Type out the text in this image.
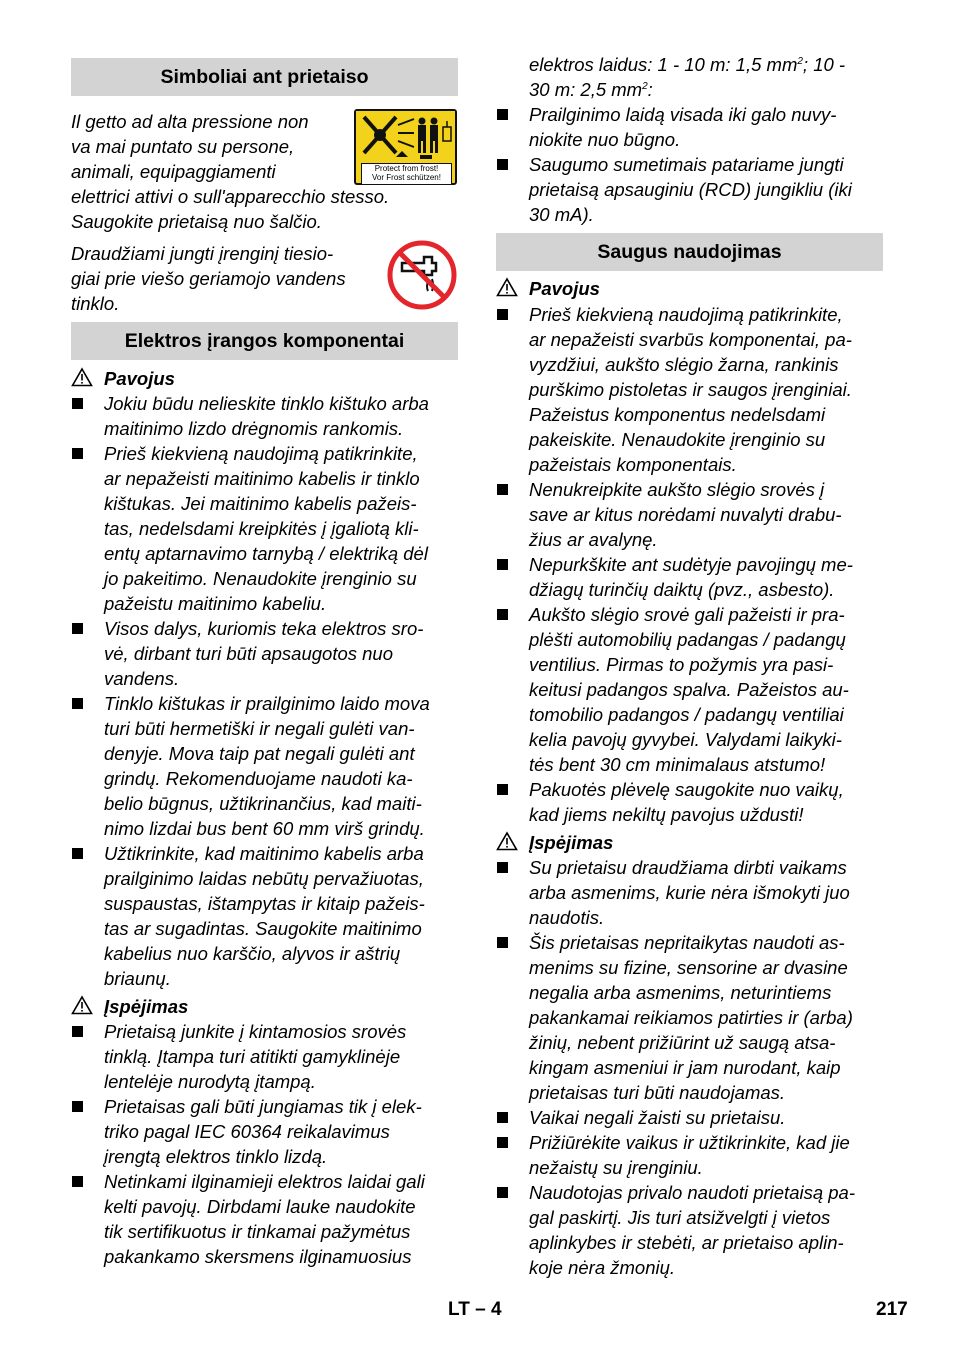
Simboliai ant prietaiso
Il getto ad alta pressione non
va mai puntato su persone,
animali, equipaggiamenti
elettrici attivi o sull'apparecchio stesso.
Saugokite prietaisą nuo šalčio.
Protect from frost!
Vor Frost schützen!
Draudžiami jungti įrenginį tiesio-
giai prie viešo geriamojo vandens
tinklo.
Elektros įrangos komponentai
Pavojus
Jokiu būdu nelieskite tinklo kištuko arba
maitinimo lizdo drėgnomis rankomis.
Prieš kiekvieną naudojimą patikrinkite,
ar nepažeisti maitinimo kabelis ir tinklo
kištukas. Jei maitinimo kabelis pažeis-
tas, nedelsdami kreipkitės į įgaliotą kli-
entų aptarnavimo tarnybą / elektriką dėl
jo pakeitimo. Nenaudokite įrenginio su
pažeistu maitinimo kabeliu.
Visos dalys, kuriomis teka elektros sro-
vė, dirbant turi būti apsaugotos nuo
vandens.
Tinklo kištukas ir prailginimo laido mova
turi būti hermetiški ir negali gulėti van-
denyje. Mova taip pat negali gulėti ant
grindų. Rekomenduojame naudoti ka-
belio būgnus, užtikrinančius, kad maiti-
nimo lizdai bus bent 60 mm virš grindų.
Užtikrinkite, kad maitinimo kabelis arba
prailginimo laidas nebūtų pervažiuotas,
suspaustas, ištampytas ir kitaip pažeis-
tas ar sugadintas. Saugokite maitinimo
kabelius nuo karščio, alyvos ir aštrių
briaunų.
Įspėjimas
Prietaisą junkite į kintamosios srovės
tinklą. Įtampa turi atitikti gamyklinėje
lentelėje nurodytą įtampą.
Prietaisas gali būti jungiamas tik į elek-
triko pagal IEC 60364 reikalavimus
įrengtą elektros tinklo lizdą.
Netinkami ilginamieji elektros laidai gali
kelti pavojų. Dirbdami lauke naudokite
tik sertifikuotus ir tinkamai pažymėtus
pakankamo skersmens ilginamuosius
elektros laidus: 1 - 10 m: 1,5 $mm^2$; 10 -
30 m: 2,5 $mm^2$:
Prailginimo laidą visada iki galo nuvy-
niokite nuo būgno.
Saugumo sumetimais patariame jungti
prietaisą apsauginiu (RCD) jungikliu (iki
30 mA).
Saugus naudojimas
Pavojus
Prieš kiekvieną naudojimą patikrinkite,
ar nepažeisti svarbūs komponentai, pa-
vyzdžiui, aukšto slėgio žarna, rankinis
purškimo pistoletas ir saugos įrenginiai.
Pažeistus komponentus nedelsdami
pakeiskite. Nenaudokite įrenginio su
pažeistais komponentais.
Nenukreipkite aukšto slėgio srovės į
save ar kitus norėdami nuvalyti drabu-
žius ar avalynę.
Nepurkškite ant sudėtyje pavojingų me-
džiagų turinčių daiktų (pvz., asbesto).
Aukšto slėgio srovė gali pažeisti ir pra-
plėšti automobilių padangas / padangų
ventilius. Pirmas to požymis yra pasi-
keitusi padangos spalva. Pažeistos au-
tomobilio padangos / padangų ventiliai
kelia pavojų gyvybei. Valydami laikyki-
tės bent 30 cm minimalaus atstumo!
Pakuotės plėvelę saugokite nuo vaikų,
kad jiems nekiltų pavojus uždusti!
Įspėjimas
Su prietaisu draudžiama dirbti vaikams
arba asmenims, kurie nėra išmokyti juo
naudotis.
Šis prietaisas nepritaikytas naudoti as-
menims su fizine, sensorine ar dvasine
negalia arba asmenims, neturintiems
pakankamai reikiamos patirties ir (arba)
žinių, nebent prižiūrint už saugą atsa-
kingam asmeniui ir jam nurodant, kaip
prietaisas turi būti naudojamas.
Vaikai negali žaisti su prietaisu.
Prižiūrėkite vaikus ir užtikrinkite, kad jie
nežaistų su įrenginiu.
Naudotojas privalo naudoti prietaisą pa-
gal paskirtį. Jis turi atsižvelgti į vietos
aplinkybes ir stebėti, ar prietaiso aplin-
koje nėra žmonių.
LT – 4	217
